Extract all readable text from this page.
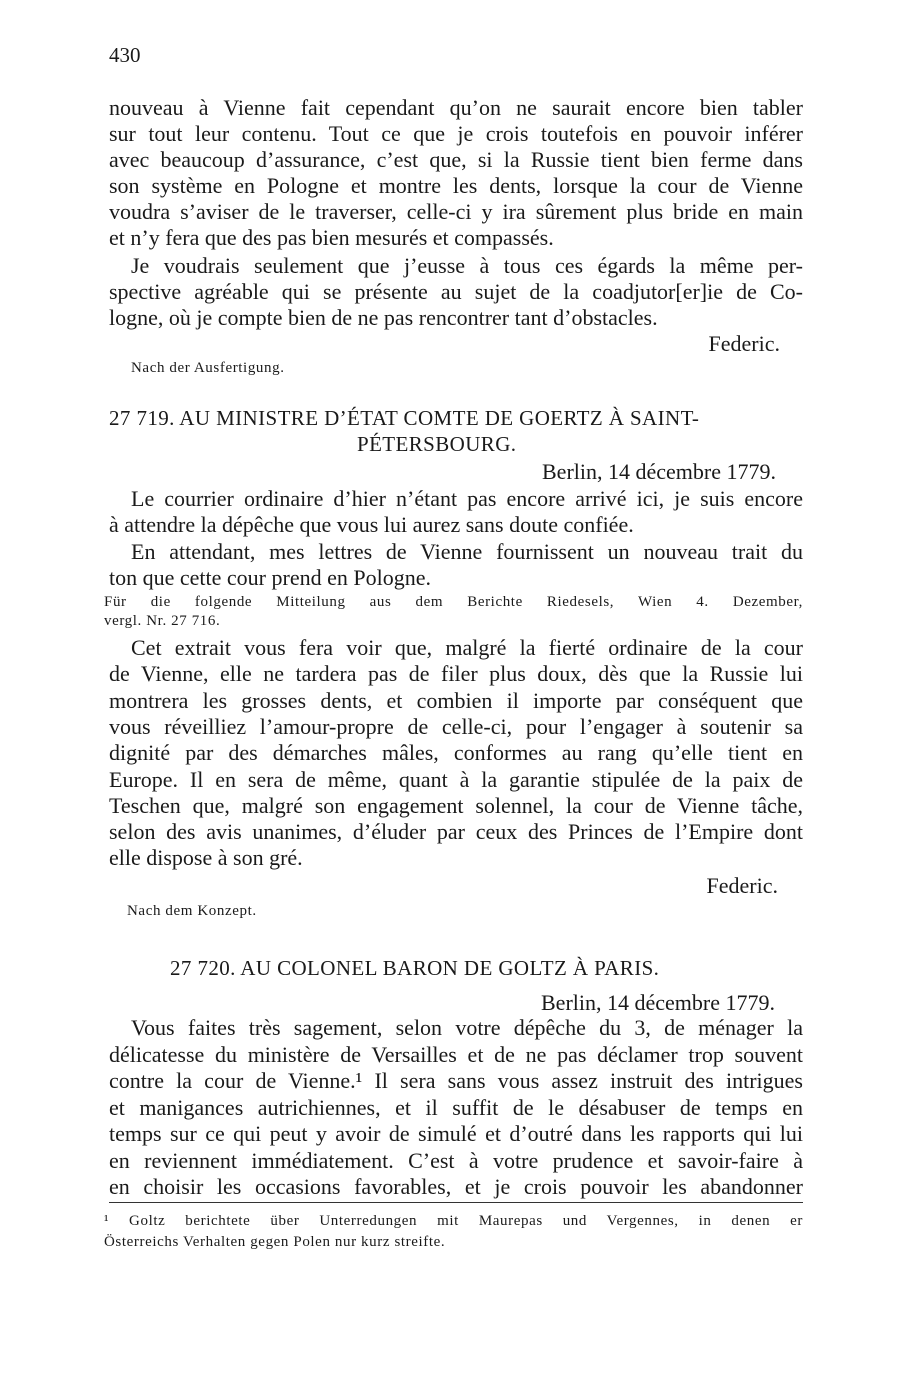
430
nouveau à Vienne fait cependant qu’on ne saurait encore bien tabler
sur tout leur contenu. Tout ce que je crois toutefois en pouvoir inférer
avec beaucoup d’assurance, c’est que, si la Russie tient bien ferme dans
son système en Pologne et montre les dents, lorsque la cour de Vienne
voudra s’aviser de le traverser, celle-ci y ira sûrement plus bride en main
et n’y fera que des pas bien mesurés et compassés.
Je voudrais seulement que j’eusse à tous ces égards la même per-
spective agréable qui se présente au sujet de la coadjutor[er]ie de Co-
logne, où je compte bien de ne pas rencontrer tant d’obstacles.
Federic.
Nach der Ausfertigung.
27 719. AU MINISTRE D’ÉTAT COMTE DE GOERTZ À SAINT-
PÉTERSBOURG.
Berlin, 14 décembre 1779.
Le courrier ordinaire d’hier n’étant pas encore arrivé ici, je suis encore
à attendre la dépêche que vous lui aurez sans doute confiée.
En attendant, mes lettres de Vienne fournissent un nouveau trait du
ton que cette cour prend en Pologne.
Für die folgende Mitteilung aus dem Berichte Riedesels, Wien 4. Dezember,
vergl. Nr. 27 716.
Cet extrait vous fera voir que, malgré la fierté ordinaire de la cour
de Vienne, elle ne tardera pas de filer plus doux, dès que la Russie lui
montrera les grosses dents, et combien il importe par conséquent que
vous réveilliez l’amour-propre de celle-ci, pour l’engager à soutenir sa
dignité par des démarches mâles, conformes au rang qu’elle tient en
Europe. Il en sera de même, quant à la garantie stipulée de la paix de
Teschen que, malgré son engagement solennel, la cour de Vienne tâche,
selon des avis unanimes, d’éluder par ceux des Princes de l’Empire dont
elle dispose à son gré.
Federic.
Nach dem Konzept.
27 720. AU COLONEL BARON DE GOLTZ À PARIS.
Berlin, 14 décembre 1779.
Vous faites très sagement, selon votre dépêche du 3, de ménager la
délicatesse du ministère de Versailles et de ne pas déclamer trop souvent
contre la cour de Vienne.¹ Il sera sans vous assez instruit des intrigues
et manigances autrichiennes, et il suffit de le désabuser de temps en
temps sur ce qui peut y avoir de simulé et d’outré dans les rapports qui lui
en reviennent immédiatement. C’est à votre prudence et savoir-faire à
en choisir les occasions favorables, et je crois pouvoir les abandonner
¹ Goltz berichtete über Unterredungen mit Maurepas und Vergennes, in denen er
Österreichs Verhalten gegen Polen nur kurz streifte.
